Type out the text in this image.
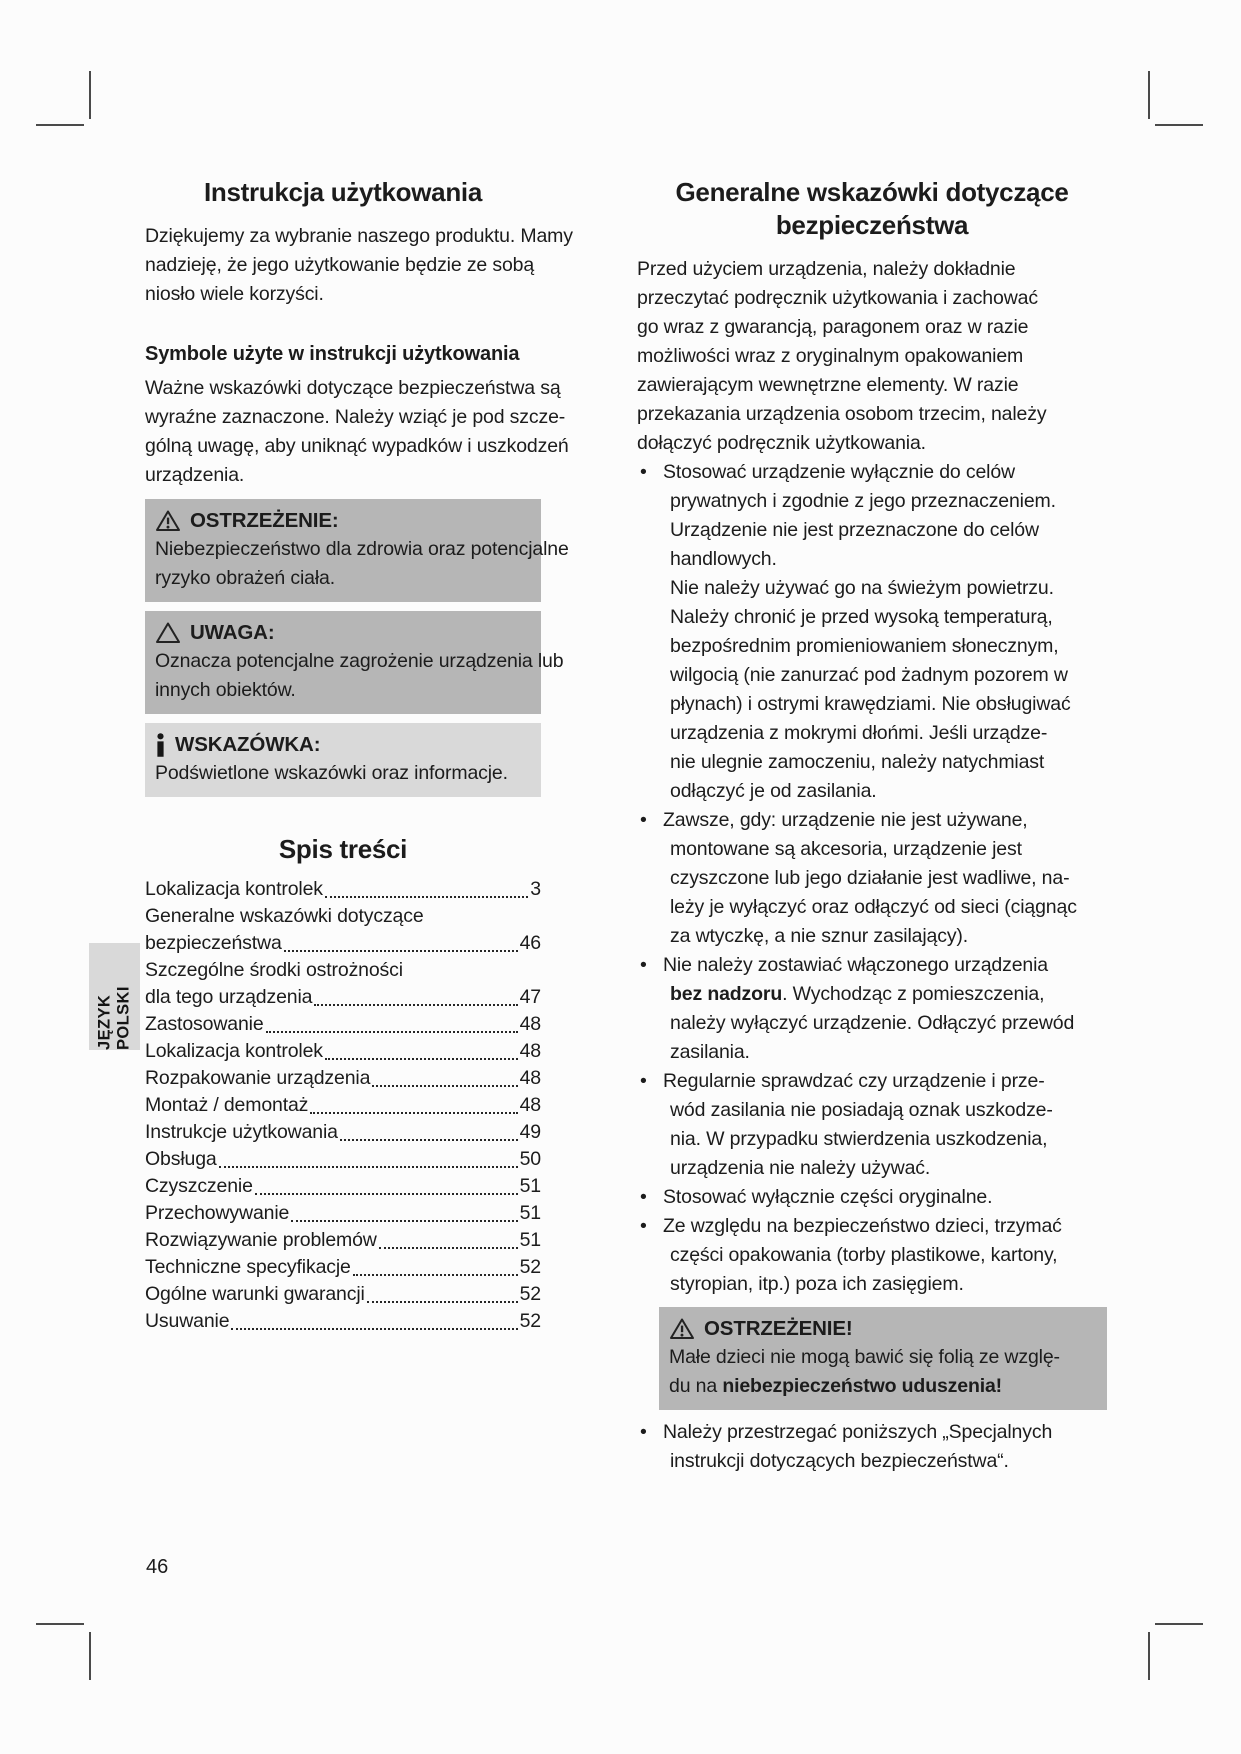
JĘZYK POLSKI
Instrukcja użytkowania
Dziękujemy za wybranie naszego produktu. Mamy
nadzieję, że jego użytkowanie będzie ze sobą
niosło wiele korzyści.
Symbole użyte w instrukcji użytkowania
Ważne wskazówki dotyczące bezpieczeństwa są
wyraźne zaznaczone. Należy wziąć je pod szcze-
gólną uwagę, aby uniknąć wypadków i uszkodzeń
urządzenia.
OSTRZEŻENIE:
Niebezpieczeństwo dla zdrowia oraz potencjalne
ryzyko obrażeń ciała.
UWAGA:
Oznacza potencjalne zagrożenie urządzenia lub
innych obiektów.
WSKAZÓWKA:
Podświetlone wskazówki oraz informacje.
Spis treści
Lokalizacja kontrolek	3
Generalne wskazówki dotyczące
bezpieczeństwa	46
Szczególne środki ostrożności
dla tego urządzenia	47
Zastosowanie	48
Lokalizacja kontrolek	48
Rozpakowanie urządzenia	48
Montaż / demontaż	48
Instrukcje użytkowania	49
Obsługa	50
Czyszczenie	51
Przechowywanie	51
Rozwiązywanie problemów	51
Techniczne specyfikacje	52
Ogólne warunki gwarancji	52
Usuwanie	52
Generalne wskazówki dotyczące
bezpieczeństwa
Przed użyciem urządzenia, należy dokładnie
przeczytać podręcznik użytkowania i zachować
go wraz z gwarancją, paragonem oraz w razie
możliwości wraz z oryginalnym opakowaniem
zawierającym wewnętrzne elementy. W razie
przekazania urządzenia osobom trzecim, należy
dołączyć podręcznik użytkowania.
• Stosować urządzenie wyłącznie do celów
prywatnych i zgodnie z jego przeznaczeniem.
Urządzenie nie jest przeznaczone do celów
handlowych.
Nie należy używać go na świeżym powietrzu.
Należy chronić je przed wysoką temperaturą,
bezpośrednim promieniowaniem słonecznym,
wilgocią (nie zanurzać pod żadnym pozorem w
płynach) i ostrymi krawędziami. Nie obsługiwać
urządzenia z mokrymi dłońmi. Jeśli urządze-
nie ulegnie zamoczeniu, należy natychmiast
odłączyć je od zasilania.
• Zawsze, gdy: urządzenie nie jest używane,
montowane są akcesoria, urządzenie jest
czyszczone lub jego działanie jest wadliwe, na-
leży je wyłączyć oraz odłączyć od sieci (ciągnąc
za wtyczkę, a nie sznur zasilający).
• Nie należy zostawiać włączonego urządzenia
bez nadzoru. Wychodząc z pomieszczenia,
należy wyłączyć urządzenie. Odłączyć przewód
zasilania.
• Regularnie sprawdzać czy urządzenie i prze-
wód zasilania nie posiadają oznak uszkodze-
nia. W przypadku stwierdzenia uszkodzenia,
urządzenia nie należy używać.
• Stosować wyłącznie części oryginalne.
• Ze względu na bezpieczeństwo dzieci, trzymać
części opakowania (torby plastikowe, kartony,
styropian, itp.) poza ich zasięgiem.
OSTRZEŻENIE!
Małe dzieci nie mogą bawić się folią ze wzglę-
du na niebezpieczeństwo uduszenia!
• Należy przestrzegać poniższych „Specjalnych
instrukcji dotyczących bezpieczeństwa“.
46
